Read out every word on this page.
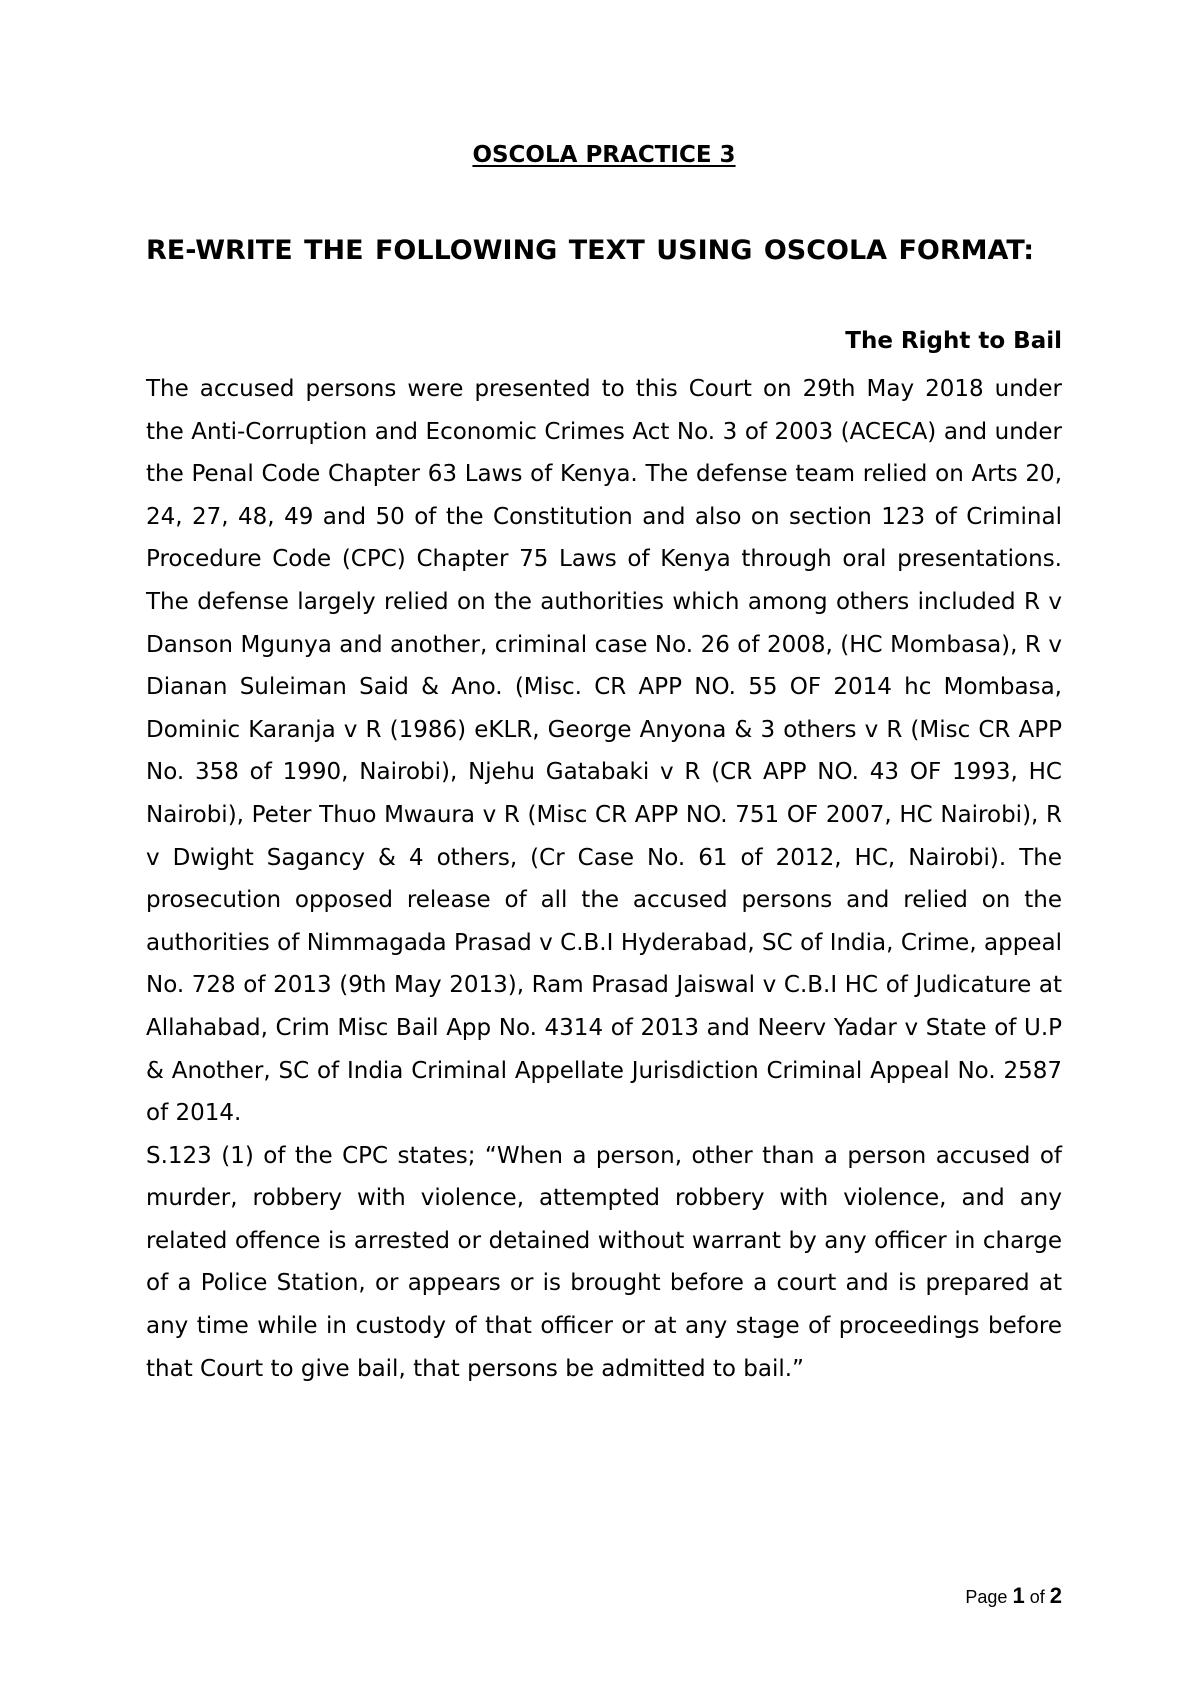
OSCOLA PRACTICE 3
RE-WRITE THE FOLLOWING TEXT USING OSCOLA FORMAT:
The Right to Bail

The accused persons were presented to this Court on 29th May 2018 under the Anti-Corruption and Economic Crimes Act No. 3 of 2003 (ACECA) and under the Penal Code Chapter 63 Laws of Kenya. The defense team relied on Arts 20, 24, 27, 48, 49 and 50 of the Constitution and also on section 123 of Criminal Procedure Code (CPC) Chapter 75 Laws of Kenya through oral presentations. The defense largely relied on the authorities which among others included R v Danson Mgunya and another, criminal case No. 26 of 2008, (HC Mombasa), R v Dianan Suleiman Said & Ano. (Misc. CR APP NO. 55 OF 2014 hc Mombasa, Dominic Karanja v R (1986) eKLR, George Anyona & 3 others v R (Misc CR APP No. 358 of 1990, Nairobi), Njehu Gatabaki v R (CR APP NO. 43 OF 1993, HC Nairobi), Peter Thuo Mwaura v R (Misc CR APP NO. 751 OF 2007, HC Nairobi), R v Dwight Sagancy & 4 others, (Cr Case No. 61 of 2012, HC, Nairobi). The prosecution opposed release of all the accused persons and relied on the authorities of Nimmagada Prasad v C.B.I Hyderabad, SC of India, Crime, appeal No. 728 of 2013 (9th May 2013), Ram Prasad Jaiswal v C.B.I HC of Judicature at Allahabad, Crim Misc Bail App No. 4314 of 2013 and Neerv Yadar v State of U.P & Another, SC of India Criminal Appellate Jurisdiction Criminal Appeal No. 2587 of 2014.

S.123 (1) of the CPC states; “When a person, other than a person accused of murder, robbery with violence, attempted robbery with violence, and any related offence is arrested or detained without warrant by any officer in charge of a Police Station, or appears or is brought before a court and is prepared at any time while in custody of that officer or at any stage of proceedings before that Court to give bail, that persons be admitted to bail.”

Page 1 of 2
